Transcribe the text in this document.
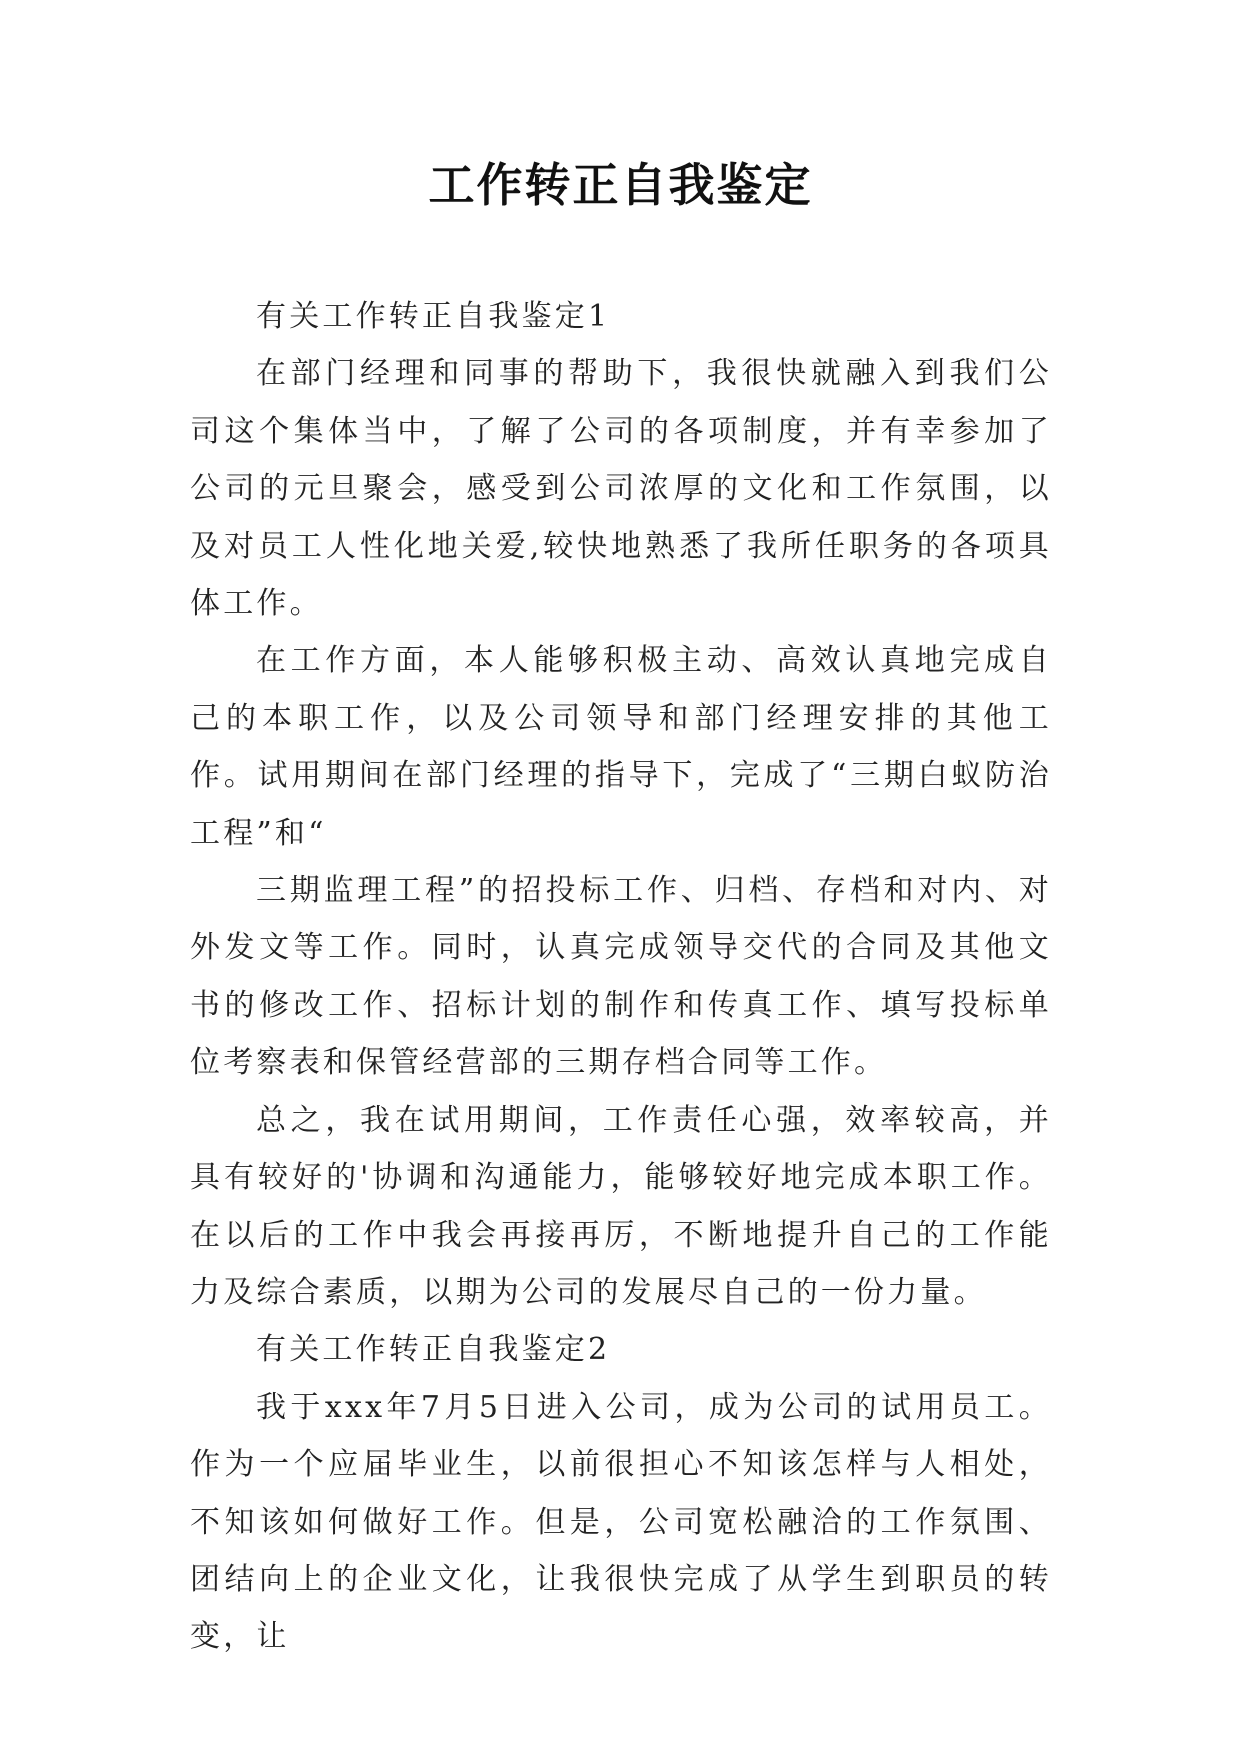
工作转正自我鉴定

有关工作转正自我鉴定1

在部门经理和同事的帮助下，我很快就融入到我们公司这个集体当中，了解了公司的各项制度，并有幸参加了公司的元旦聚会，感受到公司浓厚的文化和工作氛围，以及对员工人性化地关爱,较快地熟悉了我所任职务的各项具体工作。

在工作方面，本人能够积极主动、高效认真地完成自己的本职工作，以及公司领导和部门经理安排的其他工作。试用期间在部门经理的指导下，完成了“三期白蚁防治工程”和“

三期监理工程”的招投标工作、归档、存档和对内、对外发文等工作。同时，认真完成领导交代的合同及其他文书的修改工作、招标计划的制作和传真工作、填写投标单位考察表和保管经营部的三期存档合同等工作。

总之，我在试用期间，工作责任心强，效率较高，并具有较好的'协调和沟通能力，能够较好地完成本职工作。在以后的工作中我会再接再厉，不断地提升自己的工作能力及综合素质，以期为公司的发展尽自己的一份力量。

有关工作转正自我鉴定2

我于xxx年7月5日进入公司，成为公司的试用员工。作为一个应届毕业生，以前很担心不知该怎样与人相处，不知该如何做好工作。但是，公司宽松融洽的工作氛围、团结向上的企业文化，让我很快完成了从学生到职员的转变，让
